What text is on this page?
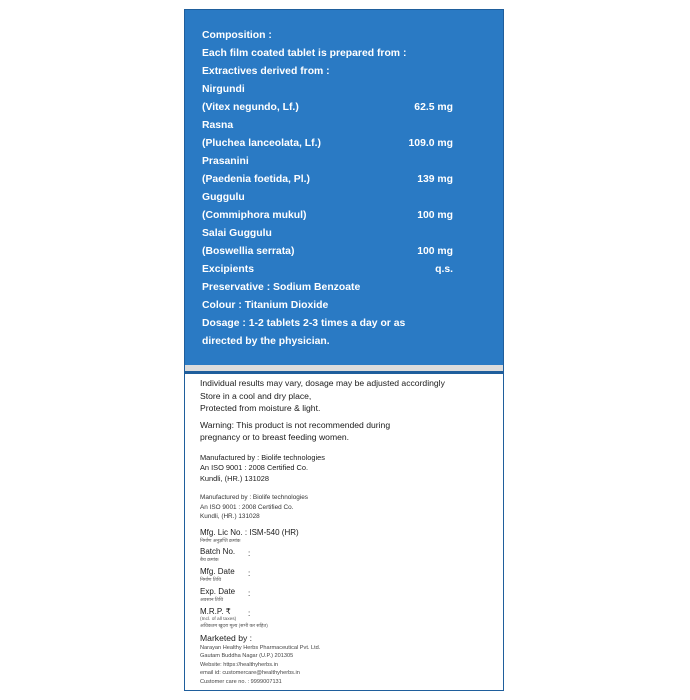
Composition :
Each film coated tablet is prepared from :
Extractives derived from :
Nirgundi
(Vitex negundo, Lf.)	62.5 mg
Rasna
(Pluchea lanceolata, Lf.)	109.0 mg
Prasanini
(Paedenia foetida, Pl.)	139 mg
Guggulu
(Commiphora mukul)	100 mg
Salai Guggulu
(Boswellia serrata)	100 mg
Excipients	q.s.
Preservative : Sodium Benzoate
Colour : Titanium Dioxide
Dosage : 1-2 tablets 2-3 times a day or as
directed by the physician.
Individual results may vary, dosage may be adjusted accordingly
Store in a cool and dry place,
Protected from moisture & light.
Warning: This product is not recommended during
pregnancy or to breast feeding women.
Manufactured by : Biolife technologies
An ISO 9001 : 2008 Certified Co.
Kundli, (HR.) 131028
Manufactured by : Biolife technologies
An ISO 9001 : 2008 Certified Co.
Kundli, (HR.) 131028
Mfg. Lic No. : ISM-540 (HR)
निर्माण अनुज्ञप्ति क्रमांक
Batch No.
बैच क्रमांक
:
Mfg. Date
निर्माण तिथि
:
Exp. Date
अवसान तिथि
:
M.R.P. ₹
(Incl. of all taxes)
अधिकतम खुदरा मूल्य (सभी कर सहित)
:
Marketed by :
Narayan Healthy Herbs Pharmaceutical Pvt. Ltd.
Gautam Buddha Nagar (U.P.) 201305
Website: https://healthyherbs.in
email id: customercare@healthyherbs.in
Customer care no. : 9999007131
